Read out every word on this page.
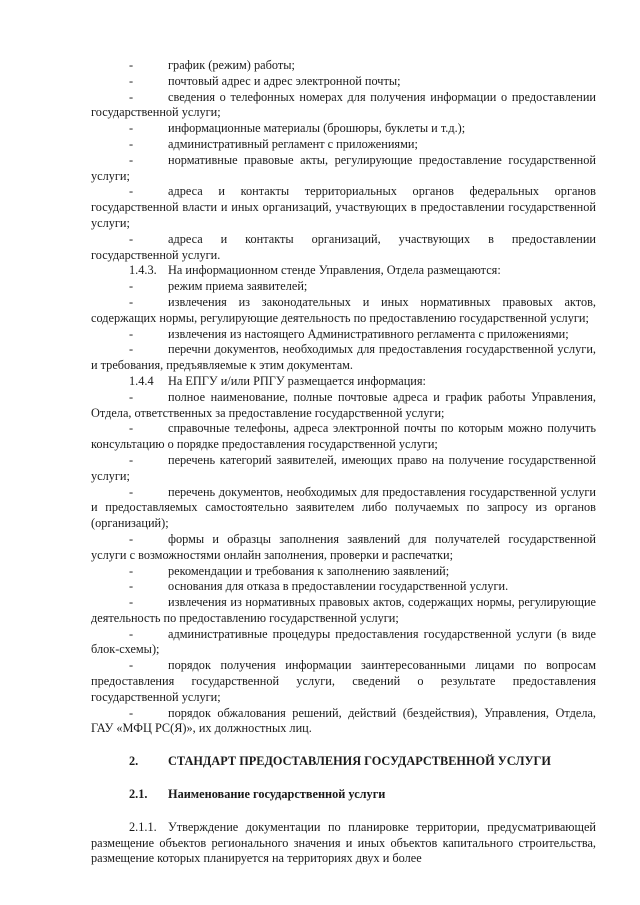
-	график (режим) работы;

-	почтовый адрес и адрес электронной почты;

-	сведения о телефонных номерах для получения информации о предоставлении государственной услуги;

-	информационные материалы (брошюры, буклеты и т.д.);

-	административный регламент с приложениями;

-	нормативные правовые акты, регулирующие предоставление государственной услуги;

-	адреса и контакты территориальных органов федеральных органов государственной власти и иных организаций, участвующих в предоставлении государственной услуги;

-	адреса и контакты организаций, участвующих в предоставлении государственной услуги.

1.4.3. На информационном стенде Управления, Отдела размещаются:

-	режим приема заявителей;

-	извлечения из законодательных и иных нормативных правовых актов, содержащих нормы, регулирующие деятельность по предоставлению государственной услуги;

-	извлечения из настоящего Административного регламента с приложениями;

-	перечни документов, необходимых для предоставления государственной услуги, и требования, предъявляемые к этим документам.

1.4.4 На ЕПГУ и/или РПГУ размещается информация:

-	полное наименование, полные почтовые адреса и график работы Управления, Отдела, ответственных за предоставление государственной услуги;

-	справочные телефоны, адреса электронной почты по которым можно получить консультацию о порядке предоставления государственной услуги;

-	перечень категорий заявителей, имеющих право на получение государственной услуги;

-	перечень документов, необходимых для предоставления государственной услуги и предоставляемых самостоятельно заявителем либо получаемых по запросу из органов (организаций);

-	формы и образцы заполнения заявлений для получателей государственной услуги с возможностями онлайн заполнения, проверки и распечатки;

-	рекомендации и требования к заполнению заявлений;

-	основания для отказа в предоставлении государственной услуги.

-	извлечения из нормативных правовых актов, содержащих нормы, регулирующие деятельность по предоставлению государственной услуги;

-	административные процедуры предоставления государственной услуги (в виде блок-схемы);

-	порядок получения информации заинтересованными лицами по вопросам предоставления государственной услуги, сведений о результате предоставления государственной услуги;

-	порядок обжалования решений, действий (бездействия), Управления, Отдела, ГАУ «МФЦ РС(Я)», их должностных лиц.

2. СТАНДАРТ ПРЕДОСТАВЛЕНИЯ ГОСУДАРСТВЕННОЙ УСЛУГИ

2.1. Наименование государственной услуги

2.1.1. Утверждение документации по планировке территории, предусматривающей размещение объектов регионального значения и иных объектов капитального строительства, размещение которых планируется на территориях двух и более
